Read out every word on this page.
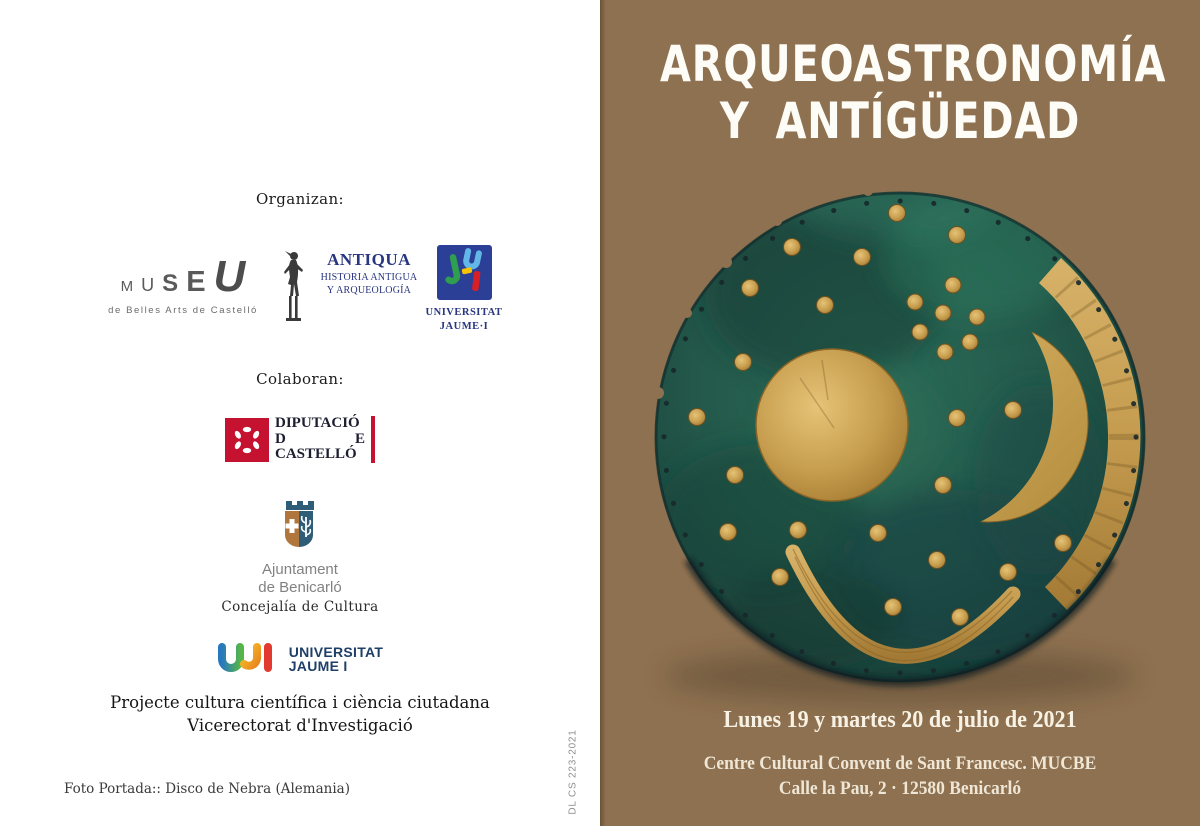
Organizan:
M U S E U
de Belles Arts de Castelló
ANTIQUA
HISTORIA ANTIGUA
Y ARQUEOLOGÍA
UNIVERSITAT
JAUME·I
Colaboran:
DIPUTACIÓ
D	E
CASTELLÓ
Ajuntament
de Benicarló
Concejalía de Cultura
UNIVERSITAT
JAUME I
Projecte cultura científica i ciència ciutadana
Vicerectorat d'Investigació
Foto Portada:: Disco de Nebra (Alemania)	DL CS 223-2021
ARQUEOASTRONOMÍA
Y ANTÍGÜEDAD
Lunes 19 y martes 20 de julio de 2021
Centre Cultural Convent de Sant Francesc. MUCBE
Calle la Pau, 2 · 12580 Benicarló
